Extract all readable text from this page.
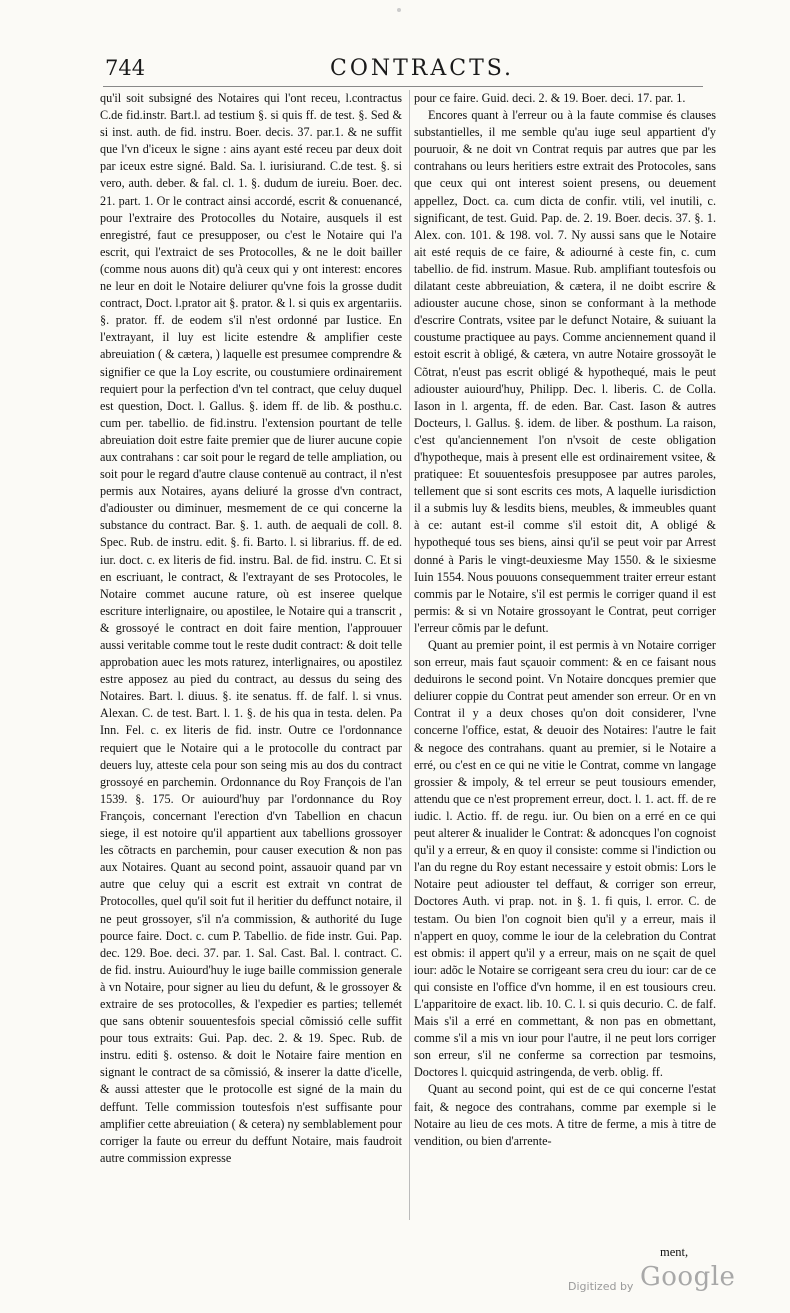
744	CONTRACTS.

qu'il soit subsigné des Notaires qui l'ont receu, l.contractus C.de fid.instr. Bart.l. ad testium §. si quis ff. de test. §. Sed & si inst. auth. de fid. instru. Boer. decis. 37. par.1. & ne suffit que l'vn d'iceux le signe : ains ayant esté receu par deux doit par iceux estre signé. Bald. Sa. l. iurisiurand. C.de test. §. si vero, auth. deber. & fal. cl. 1. §. dudum de iureiu. Boer. dec. 21. part. 1. Or le contract ainsi accordé, escrit & conuenancé, pour l'extraire des Protocolles du Notaire, ausquels il est enregistré, faut ce presupposer, ou c'est le Notaire qui l'a escrit, qui l'extraict de ses Protocolles, & ne le doit bailler (comme nous auons dit) qu'à ceux qui y ont interest: encores ne leur en doit le Notaire deliurer qu'vne fois la grosse dudit contract, Doct. l.prator ait §. prator. & l. si quis ex argentariis. §. prator. ff. de eodem s'il n'est ordonné par Iustice. En l'extrayant, il luy est licite estendre & amplifier ceste abreuiation ( & cætera, ) laquelle est presumee comprendre & signifier ce que la Loy escrite, ou coustumiere ordinairement requiert pour la perfection d'vn tel contract, que celuy duquel est question, Doct. l. Gallus. §. idem ff. de lib. & posthu.c. cum per. tabellio. de fid.instru. l'extension pourtant de telle abreuiation doit estre faite premier que de liurer aucune copie aux contrahans : car soit pour le regard de telle ampliation, ou soit pour le regard d'autre clause contenuë au contract, il n'est permis aux Notaires, ayans deliuré la grosse d'vn contract, d'adiouster ou diminuer, mesmement de ce qui concerne la substance du contract. Bar. §. 1. auth. de aequali de coll. 8. Spec. Rub. de instru. edit. §. fi. Barto. l. si librarius. ff. de ed. iur. doct. c. ex literis de fid. instru. Bal. de fid. instru. C. Et si en escriuant, le contract, & l'extrayant de ses Protocoles, le Notaire commet aucune rature, où est inseree quelque escriture interlignaire, ou apostilee, le Notaire qui a transcrit , & grossoyé le contract en doit faire mention, l'approuuer aussi veritable comme tout le reste dudit contract: & doit telle approbation auec les mots raturez, interlignaires, ou apostilez estre apposez au pied du contract, au dessus du seing des Notaires. Bart. l. diuus. §. ite senatus. ff. de falf. l. si vnus. Alexan. C. de test. Bart. l. 1. §. de his qua in testa. delen. Pa Inn. Fel. c. ex literis de fid. instr. Outre ce l'ordonnance requiert que le Notaire qui a le protocolle du contract par deuers luy, atteste cela pour son seing mis au dos du contract grossoyé en parchemin. Ordonnance du Roy François de l'an 1539. §. 175. Or auiourd'huy par l'ordonnance du Roy François, concernant l'erection d'vn Tabellion en chacun siege, il est notoire qu'il appartient aux tabellions grossoyer les cõtracts en parchemin, pour causer execution & non pas aux Notaires. Quant au second point, assauoir quand par vn autre que celuy qui a escrit est extrait vn contrat de Protocolles, quel qu'il soit fut il heritier du deffunct notaire, il ne peut grossoyer, s'il n'a commission, & authorité du Iuge pource faire. Doct. c. cum P. Tabellio. de fide instr. Gui. Pap. dec. 129. Boe. deci. 37. par. 1. Sal. Cast. Bal. l. contract. C. de fid. instru. Auiourd'huy le iuge baille commission generale à vn Notaire, pour signer au lieu du defunt, & le grossoyer & extraire de ses protocolles, & l'expedier es parties; tellemét que sans obtenir souuentesfois special cõmissió celle suffit pour tous extraits: Gui. Pap. dec. 2. & 19. Spec. Rub. de instru. editi §. ostenso. & doit le Notaire faire mention en signant le contract de sa cõmissió, & inserer la datte d'icelle, & aussi attester que le protocolle est signé de la main du deffunt. Telle commission toutesfois n'est suffisante pour amplifier cette abreuiation ( & cetera) ny semblablement pour corriger la faute ou erreur du deffunt Notaire, mais faudroit autre commission expresse

pour ce faire. Guid. deci. 2. & 19. Boer. deci. 17. par. 1.

Encores quant à l'erreur ou à la faute commise és clauses substantielles, il me semble qu'au iuge seul appartient d'y pouruoir, & ne doit vn Contrat requis par autres que par les contrahans ou leurs heritiers estre extrait des Protocoles, sans que ceux qui ont interest soient presens, ou deuement appellez, Doct. ca. cum dicta de confir. vtili, vel inutili, c. significant, de test. Guid. Pap. de. 2. 19. Boer. decis. 37. §. 1. Alex. con. 101. & 198. vol. 7. Ny aussi sans que le Notaire ait esté requis de ce faire, & adiourné à ceste fin, c. cum tabellio. de fid. instrum. Masue. Rub. amplifiant toutesfois ou dilatant ceste abbreuiation, & cætera, il ne doibt escrire & adiouster aucune chose, sinon se conformant à la methode d'escrire Contrats, vsitee par le defunct Notaire, & suiuant la coustume practiquee au pays. Comme anciennement quand il estoit escrit à obligé, & cætera, vn autre Notaire grossoyãt le Cõtrat, n'eust pas escrit obligé & hypothequé, mais le peut adiouster auiourd'huy, Philipp. Dec. l. liberis. C. de Colla. Iason in l. argenta, ff. de eden. Bar. Cast. Iason & autres Docteurs, l. Gallus. §. idem. de liber. & posthum. La raison, c'est qu'anciennement l'on n'vsoit de ceste obligation d'hypotheque, mais à present elle est ordinairement vsitee, & pratiquee: Et souuentesfois presupposee par autres paroles, tellement que si sont escrits ces mots, A laquelle iurisdiction il a submis luy & lesdits biens, meubles, & immeubles quant à ce: autant est-il comme s'il estoit dit, A obligé & hypothequé tous ses biens, ainsi qu'il se peut voir par Arrest donné à Paris le vingt-deuxiesme May 1550. & le sixiesme Iuin 1554. Nous pouuons consequemment traiter erreur estant commis par le Notaire, s'il est permis le corriger quand il est permis: & si vn Notaire grossoyant le Contrat, peut corriger l'erreur cõmis par le defunt.

Quant au premier point, il est permis à vn Notaire corriger son erreur, mais faut sçauoir comment: & en ce faisant nous deduirons le second point. Vn Notaire doncques premier que deliurer coppie du Contrat peut amender son erreur. Or en vn Contrat il y a deux choses qu'on doit considerer, l'vne concerne l'office, estat, & deuoir des Notaires: l'autre le fait & negoce des contrahans. quant au premier, si le Notaire a erré, ou c'est en ce qui ne vitie le Contrat, comme vn langage grossier & impoly, & tel erreur se peut tousiours emender, attendu que ce n'est proprement erreur, doct. l. 1. act. ff. de re iudic. l. Actio. ff. de regu. iur. Ou bien on a erré en ce qui peut alterer & inualider le Contrat: & adoncques l'on cognoist qu'il y a erreur, & en quoy il consiste: comme si l'indiction ou l'an du regne du Roy estant necessaire y estoit obmis: Lors le Notaire peut adiouster tel deffaut, & corriger son erreur, Doctores Auth. vi prap. not. in §. 1. fi quis, l. error. C. de testam. Ou bien l'on cognoit bien qu'il y a erreur, mais il n'appert en quoy, comme le iour de la celebration du Contrat est obmis: il appert qu'il y a erreur, mais on ne sçait de quel iour: adõc le Notaire se corrigeant sera creu du iour: car de ce qui consiste en l'office d'vn homme, il en est tousiours creu. L'apparitoire de exact. lib. 10. C. l. si quis decurio. C. de falf. Mais s'il a erré en commettant, & non pas en obmettant, comme s'il a mis vn iour pour l'autre, il ne peut lors corriger son erreur, s'il ne conferme sa correction par tesmoins, Doctores l. quicquid astringenda, de verb. oblig. ff.

Quant au second point, qui est de ce qui concerne l'estat fait, & negoce des contrahans, comme par exemple si le Notaire au lieu de ces mots. A titre de ferme, a mis à titre de vendition, ou bien d'arrente-

ment,
Digitized by Google
